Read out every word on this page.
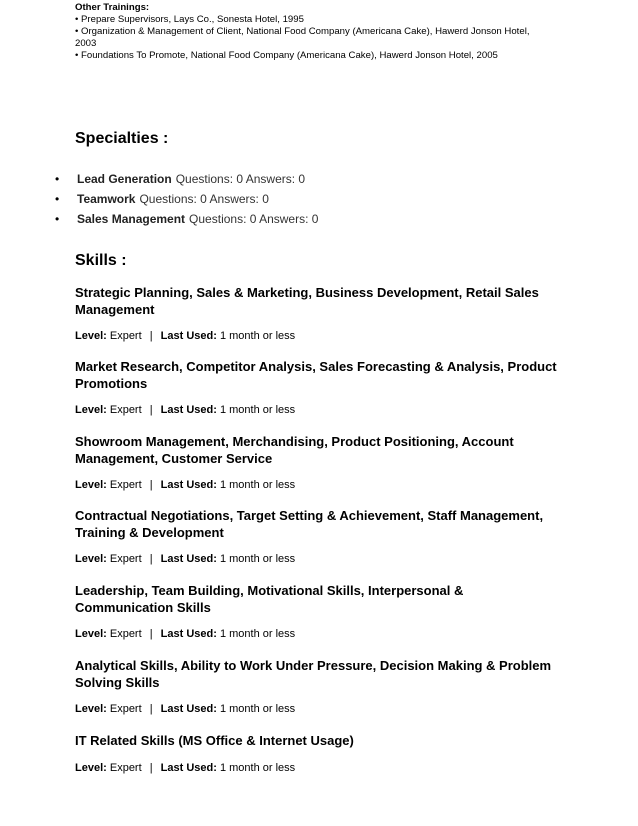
Other Trainings:

• Prepare Supervisors, Lays Co., Sonesta Hotel, 1995

• Organization & Management of Client, National Food Company (Americana Cake), Hawerd Jonson Hotel, 2003

• Foundations To Promote, National Food Company (Americana Cake), Hawerd Jonson Hotel, 2005

Specialties :
•	Lead Generation Questions: 0 Answers: 0
•	Teamwork Questions: 0 Answers: 0
•	Sales Management Questions: 0 Answers: 0
Skills :

Strategic Planning, Sales & Marketing, Business Development, Retail Sales Management

Level: Expert | Last Used: 1 month or less

Market Research, Competitor Analysis, Sales Forecasting & Analysis, Product Promotions

Level: Expert | Last Used: 1 month or less

Showroom Management, Merchandising, Product Positioning, Account Management, Customer Service

Level: Expert | Last Used: 1 month or less

Contractual Negotiations, Target Setting & Achievement, Staff Management, Training & Development

Level: Expert | Last Used: 1 month or less

Leadership, Team Building, Motivational Skills, Interpersonal & Communication Skills

Level: Expert | Last Used: 1 month or less

Analytical Skills, Ability to Work Under Pressure, Decision Making & Problem Solving Skills

Level: Expert | Last Used: 1 month or less

IT Related Skills (MS Office & Internet Usage)

Level: Expert | Last Used: 1 month or less
